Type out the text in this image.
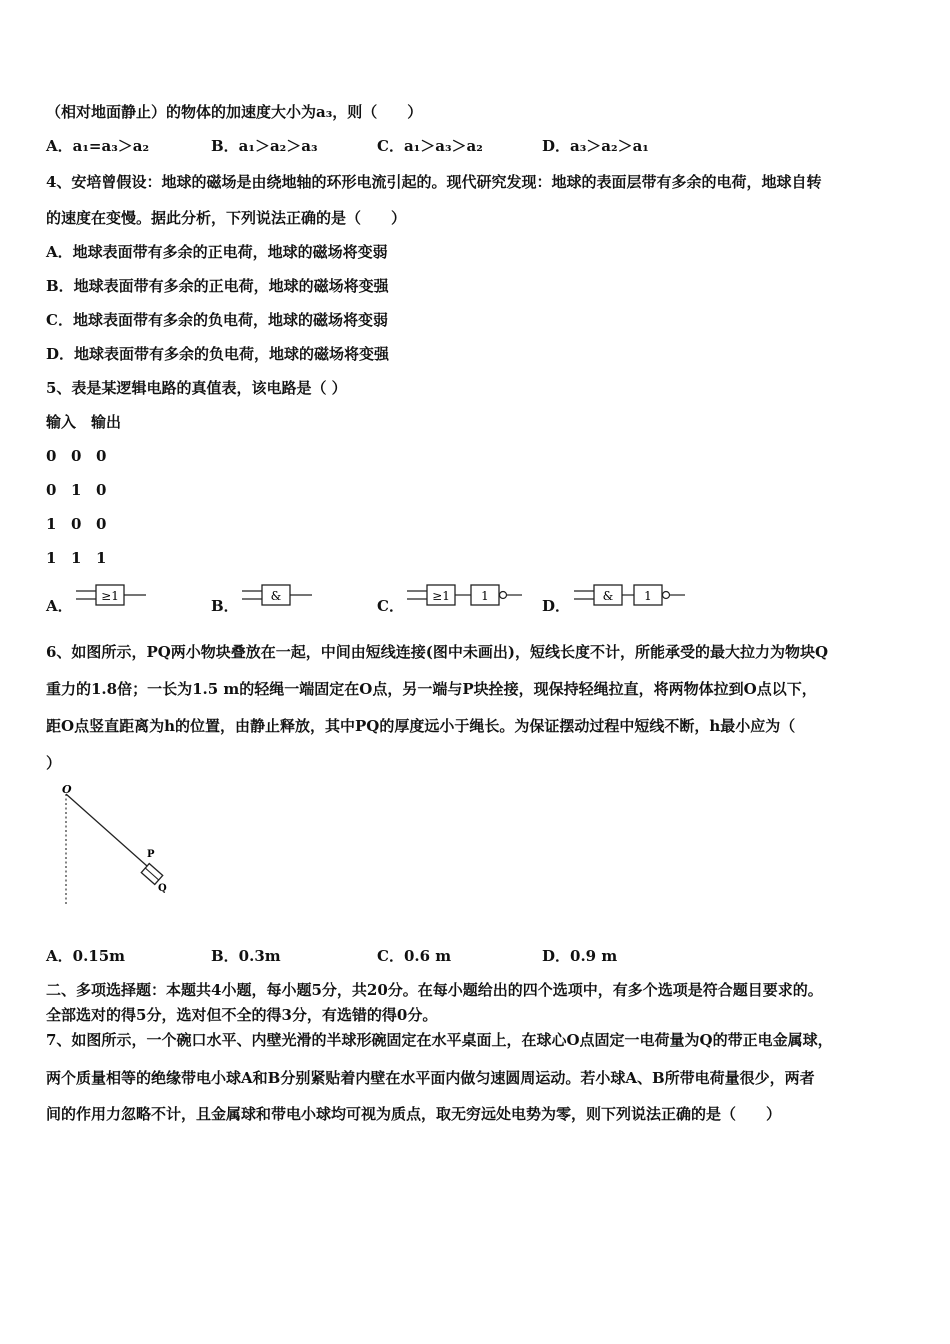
（相对地面静止）的物体的加速度大小为a₃，则（　　）
A．a₁=a₃＞a₂	B．a₁＞a₂＞a₃	C．a₁＞a₃＞a₂	D．a₃＞a₂＞a₁
4、安培曾假设：地球的磁场是由绕地轴的环形电流引起的。现代研究发现：地球的表面层带有多余的电荷，地球自转
的速度在变慢。据此分析，下列说法正确的是（　　）
A．地球表面带有多余的正电荷，地球的磁场将变弱
B．地球表面带有多余的正电荷，地球的磁场将变强
C．地球表面带有多余的负电荷，地球的磁场将变弱
D．地球表面带有多余的负电荷，地球的磁场将变强
5、表是某逻辑电路的真值表，该电路是（ ）
输入　输出
0 0 0
0 1 0
1 0 0
1 1 1
A．
≥1
B．
&
C．
≥1	1
D．
&	1
6、如图所示，PQ两小物块叠放在一起，中间由短线连接(图中未画出)，短线长度不计，所能承受的最大拉力为物块Q
重力的1.8倍；一长为1.5 m的轻绳一端固定在O点，另一端与P块拴接，现保持轻绳拉直，将两物体拉到O点以下，
距O点竖直距离为h的位置，由静止释放，其中PQ的厚度远小于绳长。为保证摆动过程中短线不断，h最小应为（
）
O
P
Q
A．0.15m	B．0.3m	C．0.6 m	D．0.9 m
二、多项选择题：本题共4小题，每小题5分，共20分。在每小题给出的四个选项中，有多个选项是符合题目要求的。
全部选对的得5分，选对但不全的得3分，有选错的得0分。
7、如图所示，一个碗口水平、内壁光滑的半球形碗固定在水平桌面上，在球心O点固定一电荷量为Q的带正电金属球，
两个质量相等的绝缘带电小球A和B分别紧贴着内壁在水平面内做匀速圆周运动。若小球A、B所带电荷量很少，两者
间的作用力忽略不计，且金属球和带电小球均可视为质点，取无穷远处电势为零，则下列说法正确的是（　　）
